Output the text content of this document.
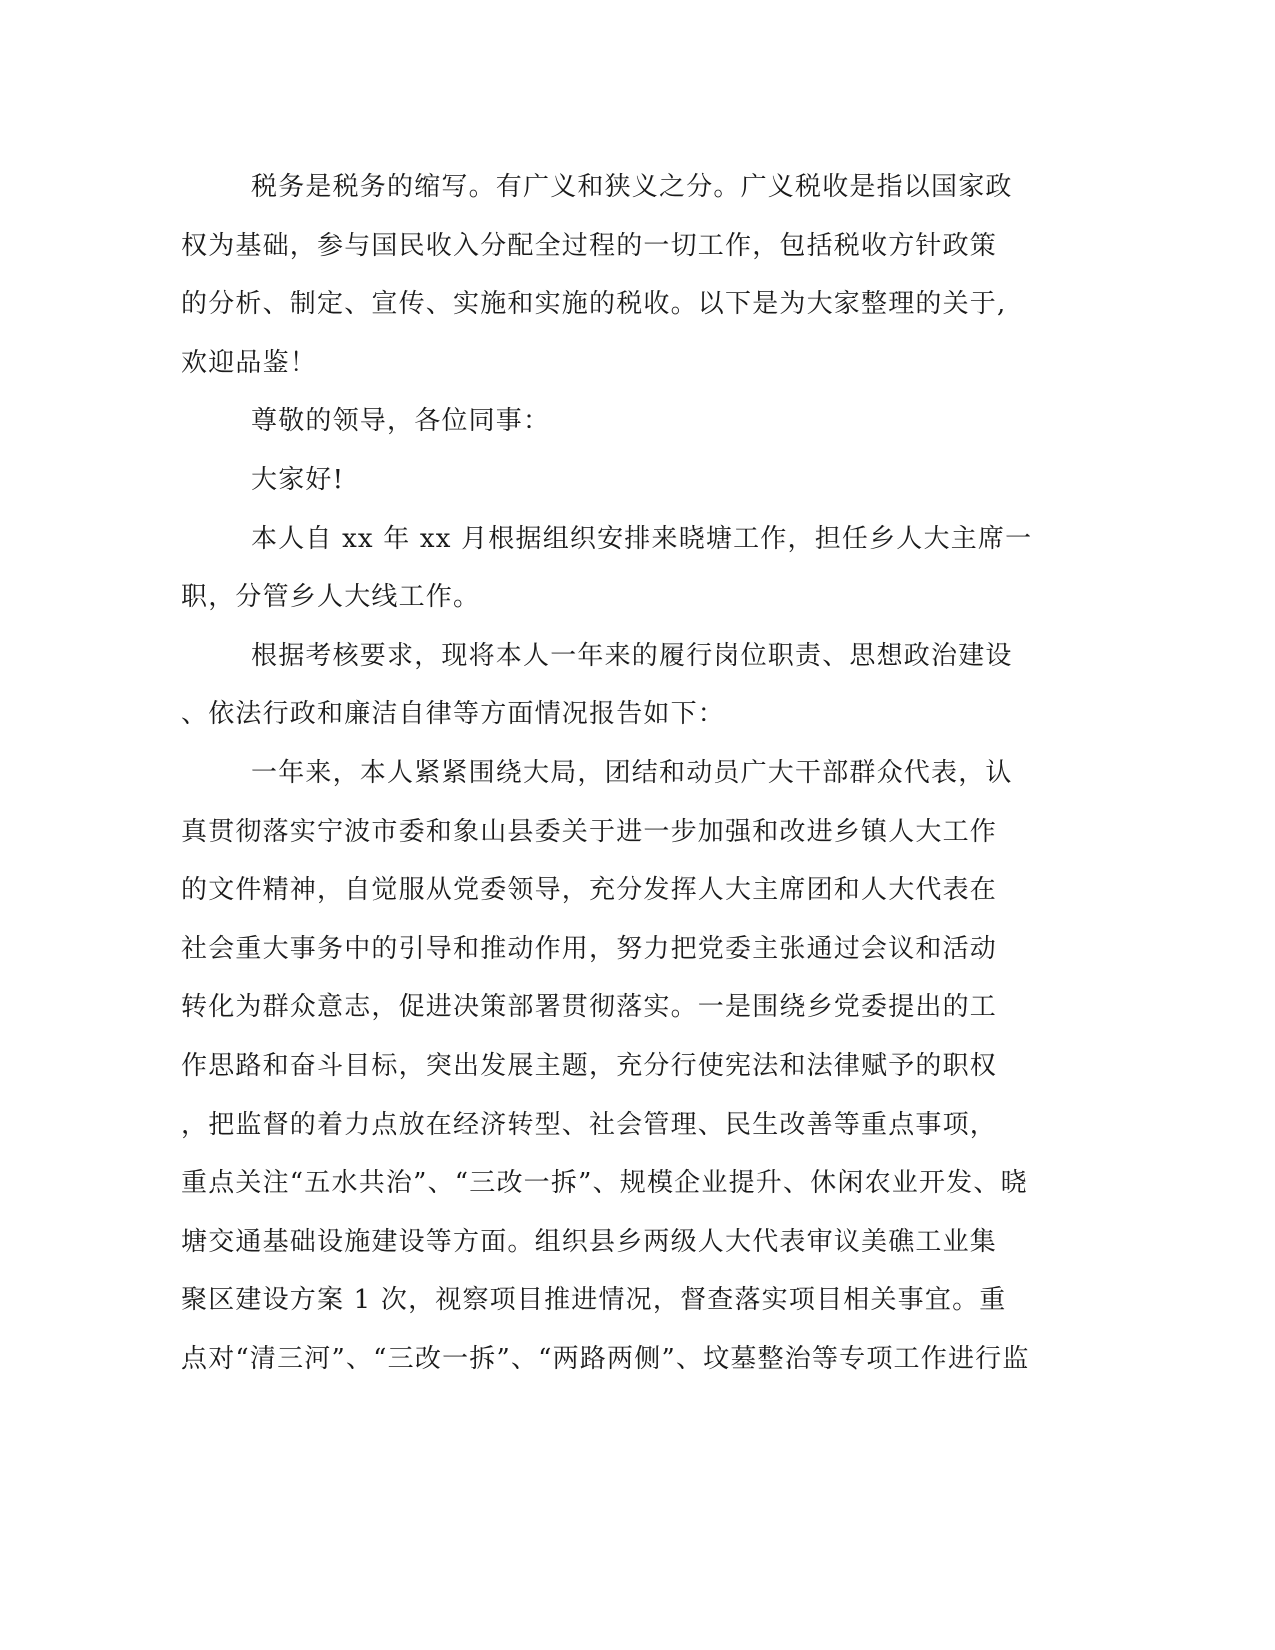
税务是税务的缩写。有广义和狭义之分。广义税收是指以国家政
权为基础，参与国民收入分配全过程的一切工作，包括税收方针政策
的分析、制定、宣传、实施和实施的税收。以下是为大家整理的关于,
欢迎品鉴！
尊敬的领导，各位同事：
大家好!
本人自 xx 年 xx 月根据组织安排来晓塘工作，担任乡人大主席一
职，分管乡人大线工作。
根据考核要求，现将本人一年来的履行岗位职责、思想政治建设
、依法行政和廉洁自律等方面情况报告如下：
一年来，本人紧紧围绕大局，团结和动员广大干部群众代表，认
真贯彻落实宁波市委和象山县委关于进一步加强和改进乡镇人大工作
的文件精神，自觉服从党委领导，充分发挥人大主席团和人大代表在
社会重大事务中的引导和推动作用，努力把党委主张通过会议和活动
转化为群众意志，促进决策部署贯彻落实。一是围绕乡党委提出的工
作思路和奋斗目标，突出发展主题，充分行使宪法和法律赋予的职权
，把监督的着力点放在经济转型、社会管理、民生改善等重点事项，
重点关注“五水共治”、“三改一拆”、规模企业提升、休闲农业开发、晓
塘交通基础设施建设等方面。组织县乡两级人大代表审议美礁工业集
聚区建设方案 1 次，视察项目推进情况，督查落实项目相关事宜。重
点对“清三河”、“三改一拆”、“两路两侧”、坟墓整治等专项工作进行监
